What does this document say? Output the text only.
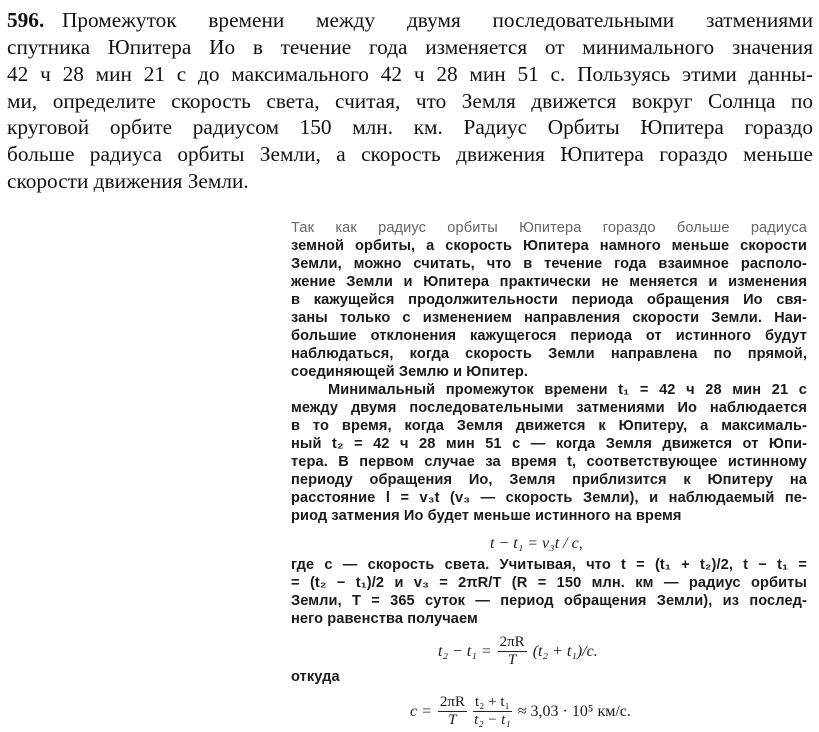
596. Промежуток времени между двумя последовательными затмениями
спутника Юпитера Ио в течение года изменяется от минимального значения
42 ч 28 мин 21 с до максимального 42 ч 28 мин 51 с. Пользуясь этими данны-
ми, определите скорость света, считая, что Земля движется вокруг Солнца по
круговой орбите радиусом 150 млн. км. Радиус Орбиты Юпитера гораздо
больше радиуса орбиты Земли, а скорость движения Юпитера гораздо меньше
скорости движения Земли.
Так как радиус орбиты Юпитера гораздо больше радиуса
земной орбиты, а скорость Юпитера намного меньше скорости
Земли, можно считать, что в течение года взаимное располо-
жение Земли и Юпитера практически не меняется и изменения
в кажущейся продолжительности периода обращения Ио свя-
заны только с изменением направления скорости Земли. Наи-
большие отклонения кажущегося периода от истинного будут
наблюдаться, когда скорость Земли направлена по прямой,
соединяющей Землю и Юпитер.
Минимальный промежуток времени t₁ = 42 ч 28 мин 21 с
между двумя последовательными затмениями Ио наблюдается
в то время, когда Земля движется к Юпитеру, а максималь-
ный t₂ = 42 ч 28 мин 51 с — когда Земля движется от Юпи-
тера. В первом случае за время t, соответствующее истинному
периоду обращения Ио, Земля приблизится к Юпитеру на
расстояние l = v₃t (v₃ — скорость Земли), и наблюдаемый пе-
риод затмения Ио будет меньше истинного на время
t − t₁ = v₃t / c,
где c — скорость света. Учитывая, что t = (t₁ + t₂)/2, t − t₁ =
= (t₂ − t₁)/2 и v₃ = 2πR/T (R = 150 млн. км — радиус орбиты
Земли, T = 365 суток — период обращения Земли), из послед-
него равенства получаем
$t_2 - t_1 = \frac{2\pi R}{T} (t_2 + t_1)/c$.
откуда
$c = \frac{2\pi R}{T} \frac{\text{t₂ + t₁}}{\text{t₂ − t₁}} \approx 3,03 \cdot 10^5$ км/с.
